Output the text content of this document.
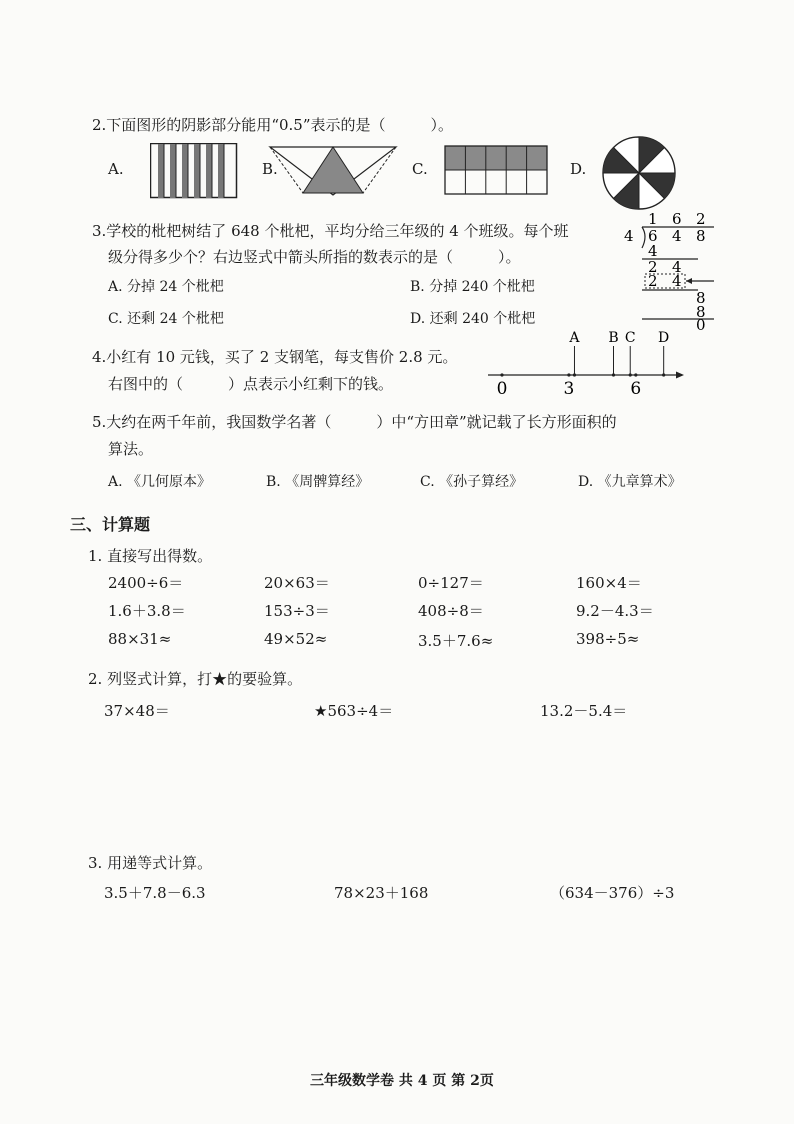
2.下面图形的阴影部分能用“0.5”表示的是（　　　）。
A.	B.	C.	D.
3.学校的枇杷树结了 648 个枇杷，平均分给三年级的 4 个班级。每个班
级分得多少个？右边竖式中箭头所指的数表示的是（　　　）。
A. 分掉 24 个枇杷	B. 分掉 240 个枇杷
C. 还剩 24 个枇杷	D. 还剩 240 个枇杷
1 6 2
4 6 4 8
4
2 4
2 4
8
8
0
4.小红有 10 元钱，买了 2 支钢笔，每支售价 2.8 元。
右图中的（　　　）点表示小红剩下的钱。	0	3	6
A B C D
5.大约在两千年前，我国数学名著（　　　）中“方田章”就记载了长方形面积的
算法。
A. 《几何原本》	B. 《周髀算经》	C. 《孙子算经》	D. 《九章算术》
三、计算题
1. 直接写出得数。
2400÷6＝	20×63＝	0÷127＝	160×4＝
1.6＋3.8＝	153÷3＝	408÷8＝	9.2－4.3＝
88×31≈	49×52≈	3.5＋7.6≈	398÷5≈
2. 列竖式计算，打★的要验算。
37×48＝	★563÷4＝	13.2－5.4＝
3. 用递等式计算。
3.5＋7.8－6.3	78×23＋168	（634－376）÷3
三年级数学卷 共 4 页 第 2页
